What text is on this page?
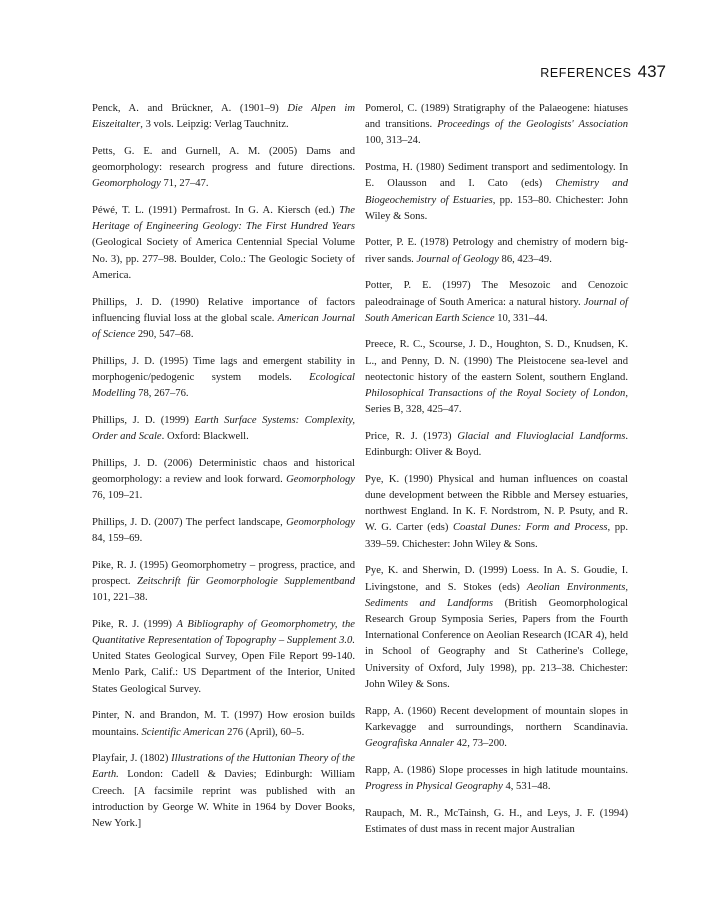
REFERENCES 437

Penck, A. and Brückner, A. (1901–9) Die Alpen im Eiszeitalter, 3 vols. Leipzig: Verlag Tauchnitz.

Petts, G. E. and Gurnell, A. M. (2005) Dams and geomorphology: research progress and future directions. Geomorphology 71, 27–47.

Péwé, T. L. (1991) Permafrost. In G. A. Kiersch (ed.) The Heritage of Engineering Geology: The First Hundred Years (Geological Society of America Centennial Special Volume No. 3), pp. 277–98. Boulder, Colo.: The Geologic Society of America.

Phillips, J. D. (1990) Relative importance of factors influencing fluvial loss at the global scale. American Journal of Science 290, 547–68.

Phillips, J. D. (1995) Time lags and emergent stability in morphogenic/pedogenic system models. Ecological Modelling 78, 267–76.

Phillips, J. D. (1999) Earth Surface Systems: Complexity, Order and Scale. Oxford: Blackwell.

Phillips, J. D. (2006) Deterministic chaos and historical geomorphology: a review and look forward. Geomorphology 76, 109–21.

Phillips, J. D. (2007) The perfect landscape, Geomorphology 84, 159–69.

Pike, R. J. (1995) Geomorphometry – progress, practice, and prospect. Zeitschrift für Geomorphologie Supplementband 101, 221–38.

Pike, R. J. (1999) A Bibliography of Geomorphometry, the Quantitative Representation of Topography – Supplement 3.0. United States Geological Survey, Open File Report 99-140. Menlo Park, Calif.: US Department of the Interior, United States Geological Survey.

Pinter, N. and Brandon, M. T. (1997) How erosion builds mountains. Scientific American 276 (April), 60–5.

Playfair, J. (1802) Illustrations of the Huttonian Theory of the Earth. London: Cadell & Davies; Edinburgh: William Creech. [A facsimile reprint was published with an introduction by George W. White in 1964 by Dover Books, New York.]

Pomerol, C. (1989) Stratigraphy of the Palaeogene: hiatuses and transitions. Proceedings of the Geologists' Association 100, 313–24.

Postma, H. (1980) Sediment transport and sedimentology. In E. Olausson and I. Cato (eds) Chemistry and Biogeochemistry of Estuaries, pp. 153–80. Chichester: John Wiley & Sons.

Potter, P. E. (1978) Petrology and chemistry of modern big-river sands. Journal of Geology 86, 423–49.

Potter, P. E. (1997) The Mesozoic and Cenozoic paleodrainage of South America: a natural history. Journal of South American Earth Science 10, 331–44.

Preece, R. C., Scourse, J. D., Houghton, S. D., Knudsen, K. L., and Penny, D. N. (1990) The Pleistocene sea-level and neotectonic history of the eastern Solent, southern England. Philosophical Transactions of the Royal Society of London, Series B, 328, 425–47.

Price, R. J. (1973) Glacial and Fluvioglacial Landforms. Edinburgh: Oliver & Boyd.

Pye, K. (1990) Physical and human influences on coastal dune development between the Ribble and Mersey estuaries, northwest England. In K. F. Nordstrom, N. P. Psuty, and R. W. G. Carter (eds) Coastal Dunes: Form and Process, pp. 339–59. Chichester: John Wiley & Sons.

Pye, K. and Sherwin, D. (1999) Loess. In A. S. Goudie, I. Livingstone, and S. Stokes (eds) Aeolian Environments, Sediments and Landforms (British Geomorphological Research Group Symposia Series, Papers from the Fourth International Conference on Aeolian Research (ICAR 4), held in School of Geography and St Catherine's College, University of Oxford, July 1998), pp. 213–38. Chichester: John Wiley & Sons.

Rapp, A. (1960) Recent development of mountain slopes in Karkevagge and surroundings, northern Scandinavia. Geografiska Annaler 42, 73–200.

Rapp, A. (1986) Slope processes in high latitude mountains. Progress in Physical Geography 4, 531–48.

Raupach, M. R., McTainsh, G. H., and Leys, J. F. (1994) Estimates of dust mass in recent major Australian
